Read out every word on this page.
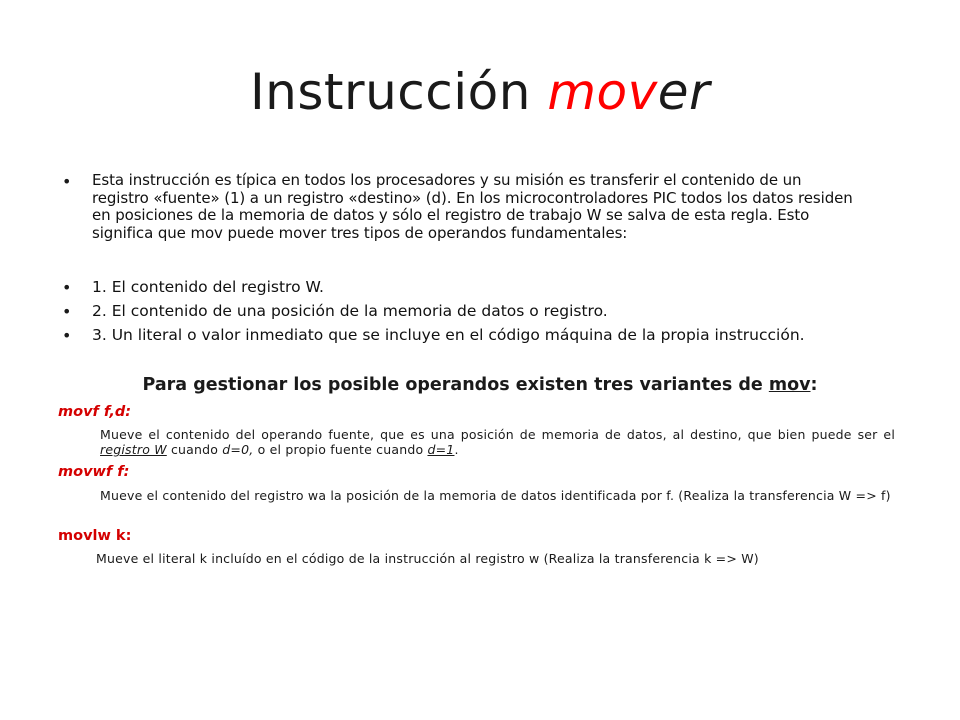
Instrucción mover
• Esta instrucción es típica en todos los procesadores y su misión es transferir el contenido de un registro «fuente» (1) a un registro «destino» (d). En los microcontroladores PIC todos los datos residen en posiciones de la memoria de datos y sólo el registro de trabajo W se salva de esta regla. Esto significa que mov puede mover tres tipos de operandos fundamentales:
• 1. El contenido del registro W.
• 2. El contenido de una posición de la memoria de datos o registro.
• 3. Un literal o valor inmediato que se incluye en el código máquina de la propia instrucción.
Para gestionar los posible operandos existen tres variantes de mov:
movf f,d:
Mueve el contenido del operando fuente, que es una posición de memoria de datos, al destino, que bien puede ser el registro W cuando d=0, o el propio fuente cuando d=1.
movwf f:
Mueve el contenido del registro wa la posición de la memoria de datos identificada por f. (Realiza la transferencia W => f)
movlw k:
Mueve el literal k incluído en el código de la instrucción al registro w (Realiza la transferencia k => W)
